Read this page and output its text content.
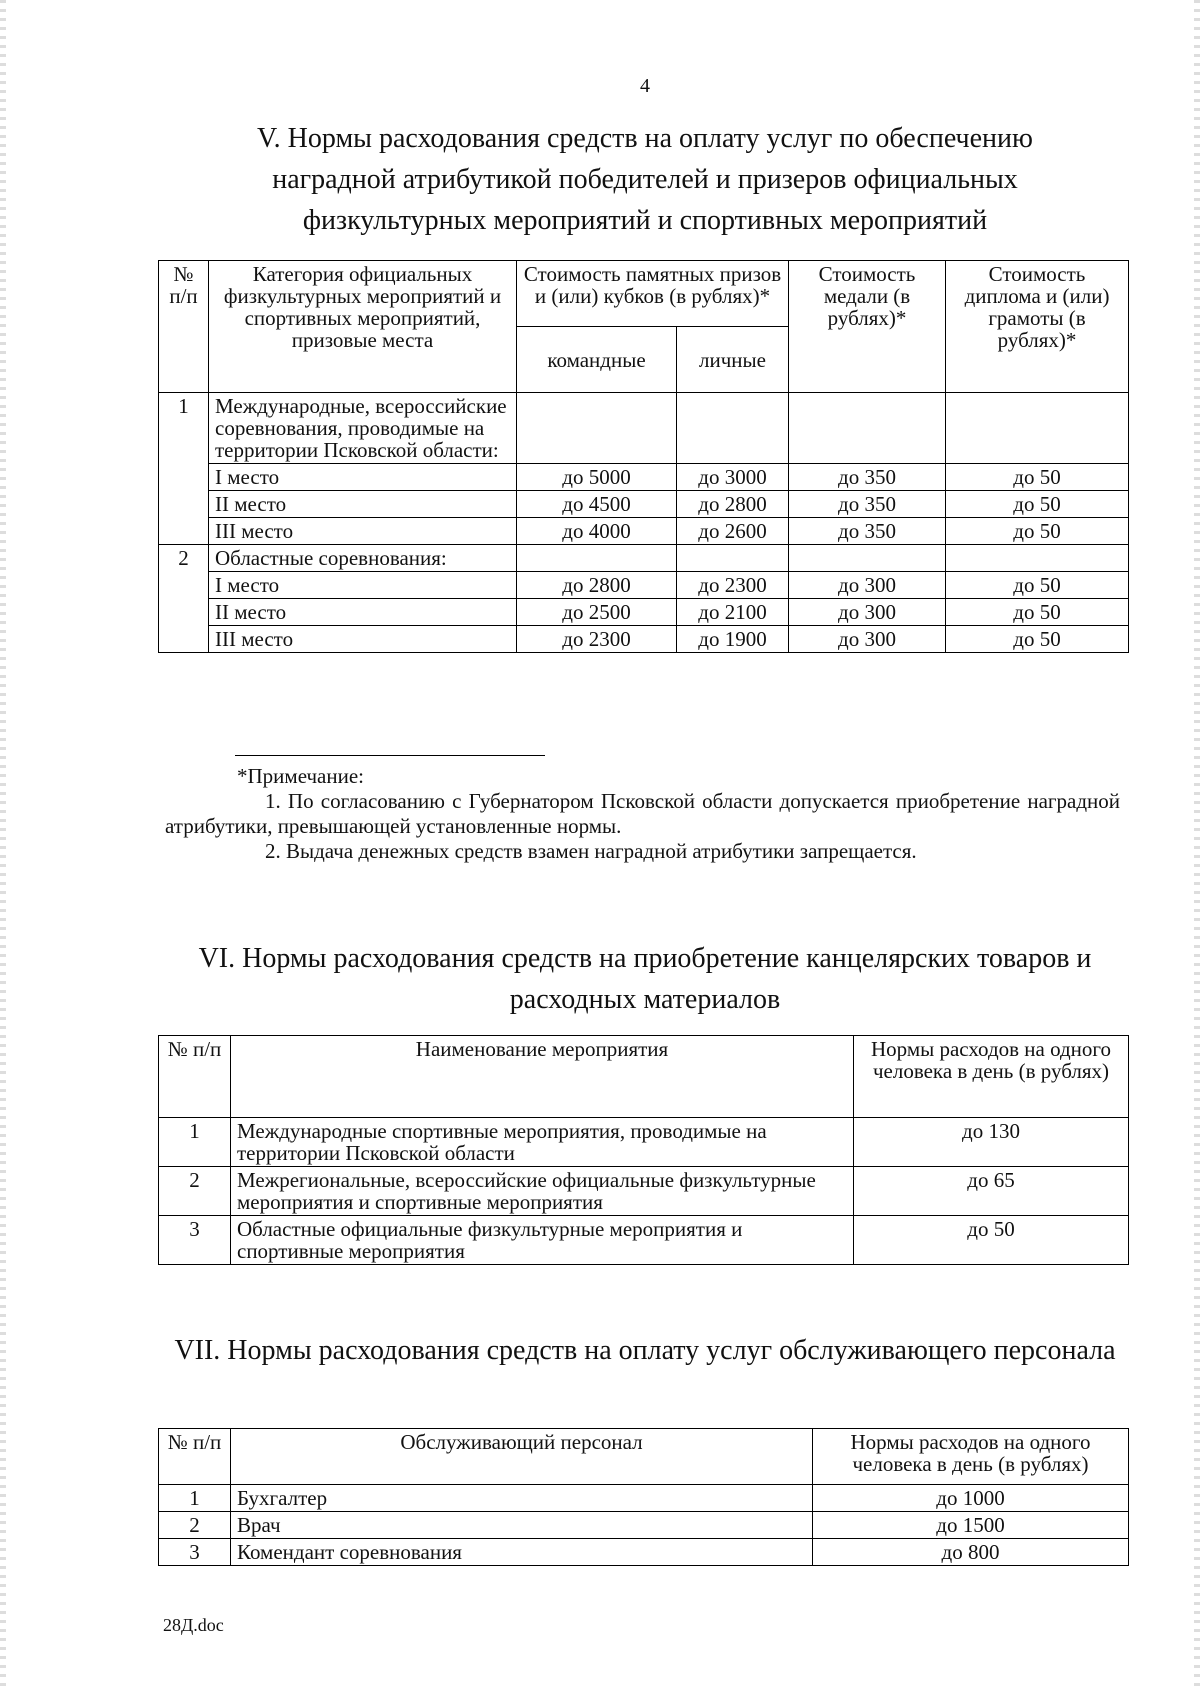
4
V. Нормы расходования средств на оплату услуг по обеспечению наградной атрибутикой победителей и призеров официальных физкультурных мероприятий и спортивных мероприятий
№ п/п	Категория официальных физкультурных мероприятий и спортивных мероприятий, призовые места	Стоимость памятных призов и (или) кубков (в рублях)*		Стоимость медали (в рублях)*	Стоимость диплома и (или) грамоты (в рублях)*
		командные	личные		
1	Международные, всероссийские соревнования, проводимые на территории Псковской области:				
	I место	до 5000	до 3000	до 350	до 50
	II место	до 4500	до 2800	до 350	до 50
	III место	до 4000	до 2600	до 350	до 50
2	Областные соревнования:				
	I место	до 2800	до 2300	до 300	до 50
	II место	до 2500	до 2100	до 300	до 50
	III место	до 2300	до 1900	до 300	до 50

*Примечание:

1. По согласованию с Губернатором Псковской области допускается приобретение наградной атрибутики, превышающей установленные нормы.

2. Выдача денежных средств взамен наградной атрибутики запрещается.

VI. Нормы расходования средств на приобретение канцелярских товаров и расходных материалов
№ п/п	Наименование мероприятия	Нормы расходов на одного человека в день (в рублях)
1	Международные спортивные мероприятия, проводимые на территории Псковской области	до 130
2	Межрегиональные, всероссийские официальные физкультурные мероприятия и спортивные мероприятия	до 65
3	Областные официальные физкультурные мероприятия и спортивные мероприятия	до 50
VII. Нормы расходования средств на оплату услуг обслуживающего персонала
№ п/п	Обслуживающий персонал	Нормы расходов на одного человека в день (в рублях)
1	Бухгалтер	до 1000
2	Врач	до 1500
3	Комендант соревнования	до 800
28Д.doc
